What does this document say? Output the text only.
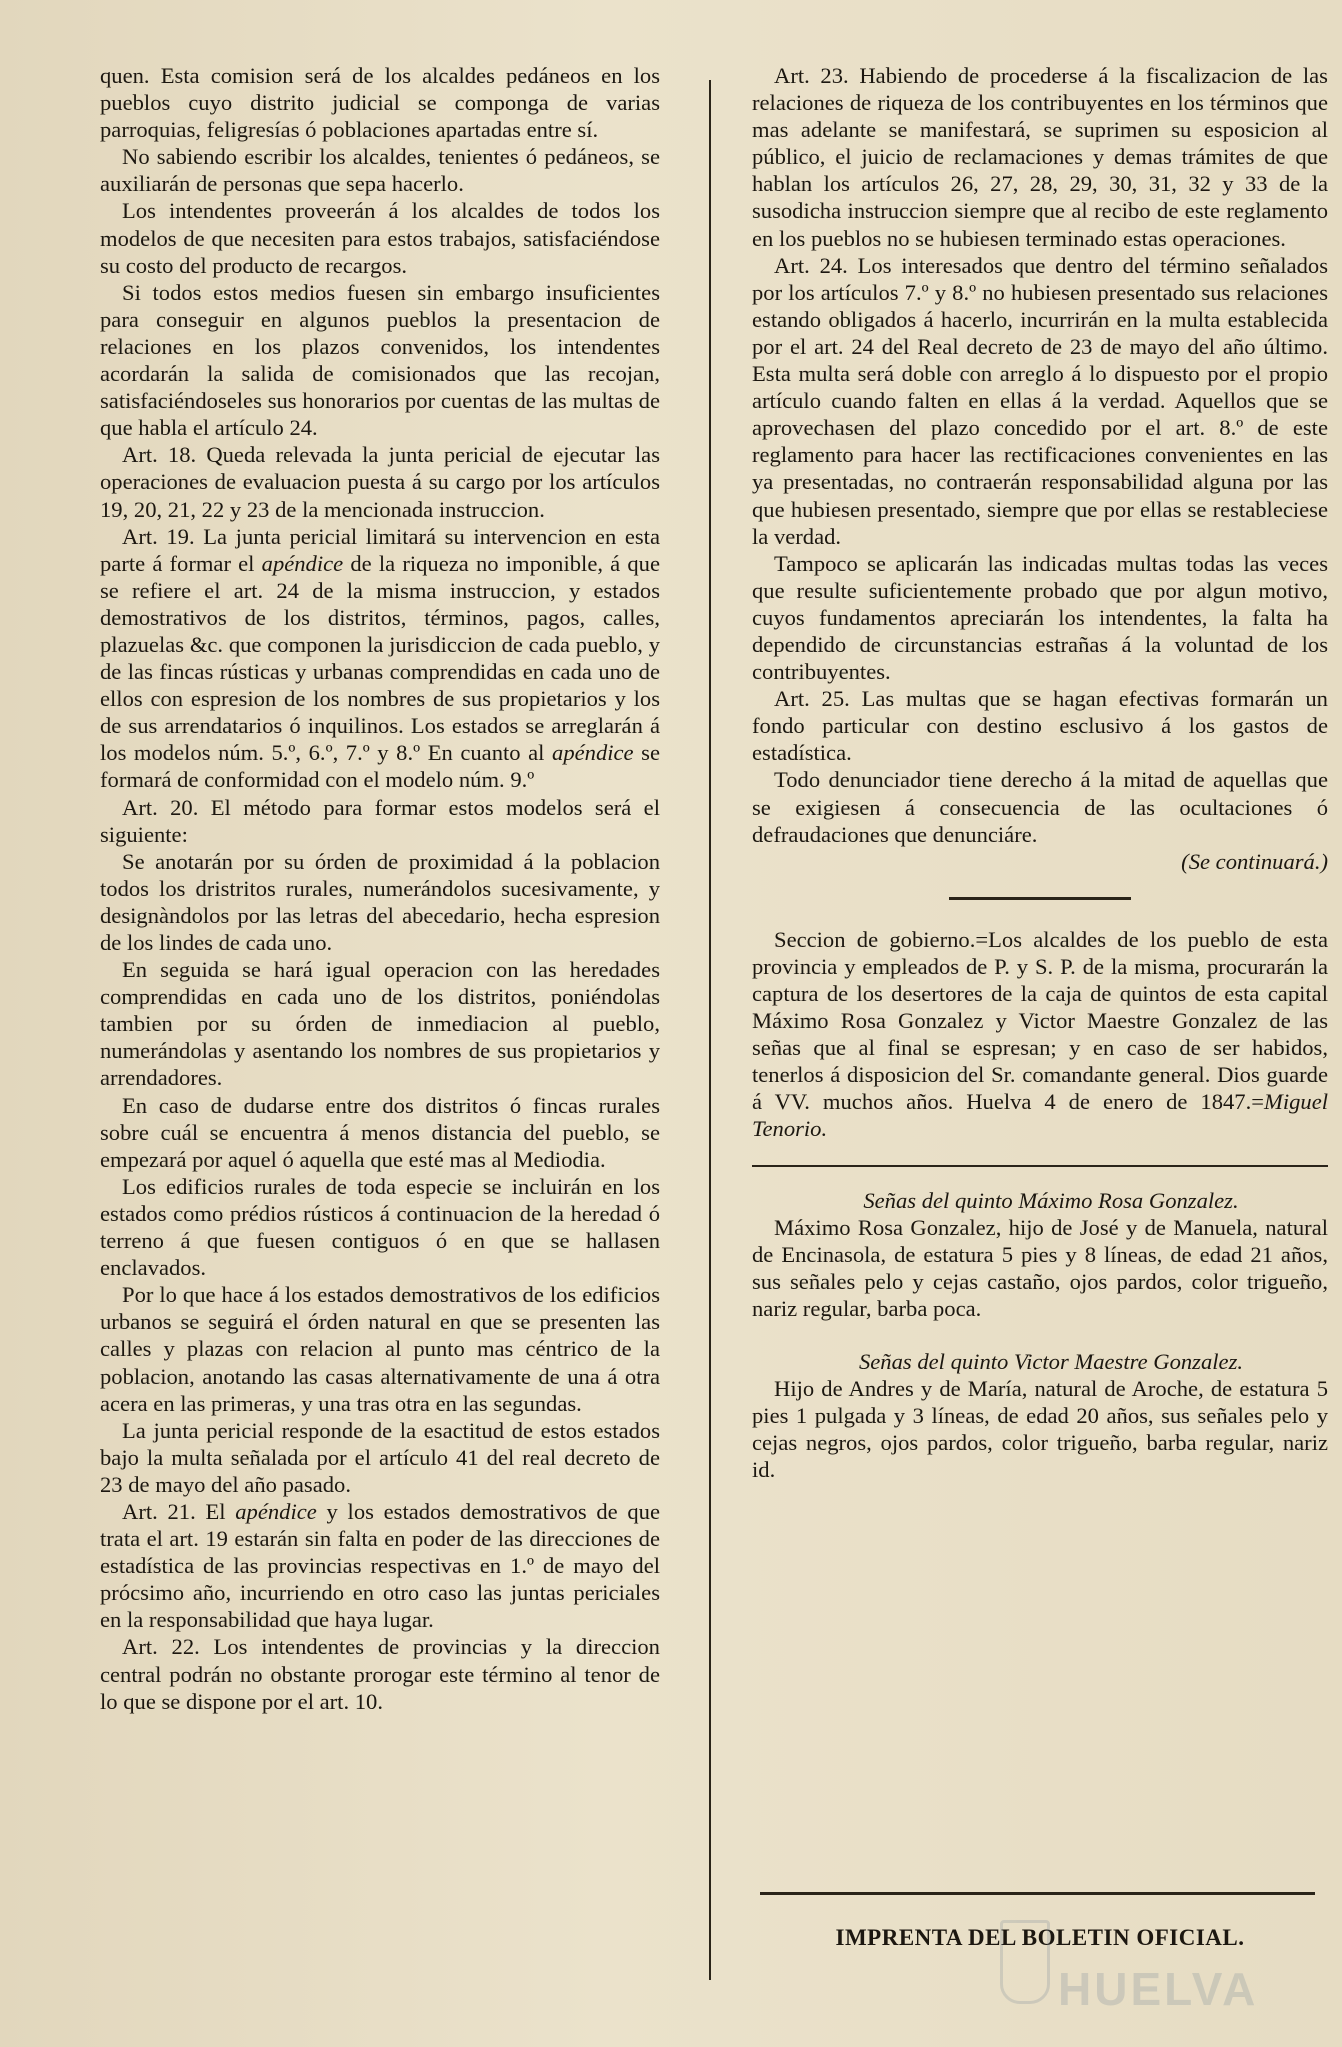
quen. Esta comision será de los alcaldes pedáneos en los pueblos cuyo distrito judicial se componga de varias parroquias, feligresías ó poblaciones apartadas entre sí.

No sabiendo escribir los alcaldes, tenientes ó pedáneos, se auxiliarán de personas que sepa hacerlo.

Los intendentes proveerán á los alcaldes de todos los modelos de que necesiten para estos trabajos, satisfaciéndose su costo del producto de recargos.

Si todos estos medios fuesen sin embargo insuficientes para conseguir en algunos pueblos la presentacion de relaciones en los plazos convenidos, los intendentes acordarán la salida de comisionados que las recojan, satisfaciéndoseles sus honorarios por cuentas de las multas de que habla el artículo 24.

Art. 18. Queda relevada la junta pericial de ejecutar las operaciones de evaluacion puesta á su cargo por los artículos 19, 20, 21, 22 y 23 de la mencionada instruccion.

Art. 19. La junta pericial limitará su intervencion en esta parte á formar el apéndice de la riqueza no imponible, á que se refiere el art. 24 de la misma instruccion, y estados demostrativos de los distritos, términos, pagos, calles, plazuelas &c. que componen la jurisdiccion de cada pueblo, y de las fincas rústicas y urbanas comprendidas en cada uno de ellos con espresion de los nombres de sus propietarios y los de sus arrendatarios ó inquilinos. Los estados se arreglarán á los modelos núm. 5.º, 6.º, 7.º y 8.º En cuanto al apéndice se formará de conformidad con el modelo núm. 9.º

Art. 20. El método para formar estos modelos será el siguiente:

Se anotarán por su órden de proximidad á la poblacion todos los dristritos rurales, numerándolos sucesivamente, y designàndolos por las letras del abecedario, hecha espresion de los lindes de cada uno.

En seguida se hará igual operacion con las heredades comprendidas en cada uno de los distritos, poniéndolas tambien por su órden de inmediacion al pueblo, numerándolas y asentando los nombres de sus propietarios y arrendadores.

En caso de dudarse entre dos distritos ó fincas rurales sobre cuál se encuentra á menos distancia del pueblo, se empezará por aquel ó aquella que esté mas al Mediodia.

Los edificios rurales de toda especie se incluirán en los estados como prédios rústicos á continuacion de la heredad ó terreno á que fuesen contiguos ó en que se hallasen enclavados.

Por lo que hace á los estados demostrativos de los edificios urbanos se seguirá el órden natural en que se presenten las calles y plazas con relacion al punto mas céntrico de la poblacion, anotando las casas alternativamente de una á otra acera en las primeras, y una tras otra en las segundas.

La junta pericial responde de la esactitud de estos estados bajo la multa señalada por el artículo 41 del real decreto de 23 de mayo del año pasado.

Art. 21. El apéndice y los estados demostrativos de que trata el art. 19 estarán sin falta en poder de las direcciones de estadística de las provincias respectivas en 1.º de mayo del prócsimo año, incurriendo en otro caso las juntas periciales en la responsabilidad que haya lugar.

Art. 22. Los intendentes de provincias y la direccion central podrán no obstante prorogar este término al tenor de lo que se dispone por el art. 10.

Art. 23. Habiendo de procederse á la fiscalizacion de las relaciones de riqueza de los contribuyentes en los términos que mas adelante se manifestará, se suprimen su esposicion al público, el juicio de reclamaciones y demas trámites de que hablan los artículos 26, 27, 28, 29, 30, 31, 32 y 33 de la susodicha instruccion siempre que al recibo de este reglamento en los pueblos no se hubiesen terminado estas operaciones.

Art. 24. Los interesados que dentro del término señalados por los artículos 7.º y 8.º no hubiesen presentado sus relaciones estando obligados á hacerlo, incurrirán en la multa establecida por el art. 24 del Real decreto de 23 de mayo del año último. Esta multa será doble con arreglo á lo dispuesto por el propio artículo cuando falten en ellas á la verdad. Aquellos que se aprovechasen del plazo concedido por el art. 8.º de este reglamento para hacer las rectificaciones convenientes en las ya presentadas, no contraerán responsabilidad alguna por las que hubiesen presentado, siempre que por ellas se restableciese la verdad.

Tampoco se aplicarán las indicadas multas todas las veces que resulte suficientemente probado que por algun motivo, cuyos fundamentos apreciarán los intendentes, la falta ha dependido de circunstancias estrañas á la voluntad de los contribuyentes.

Art. 25. Las multas que se hagan efectivas formarán un fondo particular con destino esclusivo á los gastos de estadística.

Todo denunciador tiene derecho á la mitad de aquellas que se exigiesen á consecuencia de las ocultaciones ó defraudaciones que denunciáre.

(Se continuará.)

Seccion de gobierno.=Los alcaldes de los pueblo de esta provincia y empleados de P. y S. P. de la misma, procurarán la captura de los desertores de la caja de quintos de esta capital Máximo Rosa Gonzalez y Victor Maestre Gonzalez de las señas que al final se espresan; y en caso de ser habidos, tenerlos á disposicion del Sr. comandante general. Dios guarde á VV. muchos años. Huelva 4 de enero de 1847.=Miguel Tenorio.

Señas del quinto Máximo Rosa Gonzalez.

Máximo Rosa Gonzalez, hijo de José y de Manuela, natural de Encinasola, de estatura 5 pies y 8 líneas, de edad 21 años, sus señales pelo y cejas castaño, ojos pardos, color trigueño, nariz regular, barba poca.

Señas del quinto Victor Maestre Gonzalez.

Hijo de Andres y de María, natural de Aroche, de estatura 5 pies 1 pulgada y 3 líneas, de edad 20 años, sus señales pelo y cejas negros, ojos pardos, color trigueño, barba regular, nariz id.

IMPRENTA DEL BOLETIN OFICIAL.
HUELVA
